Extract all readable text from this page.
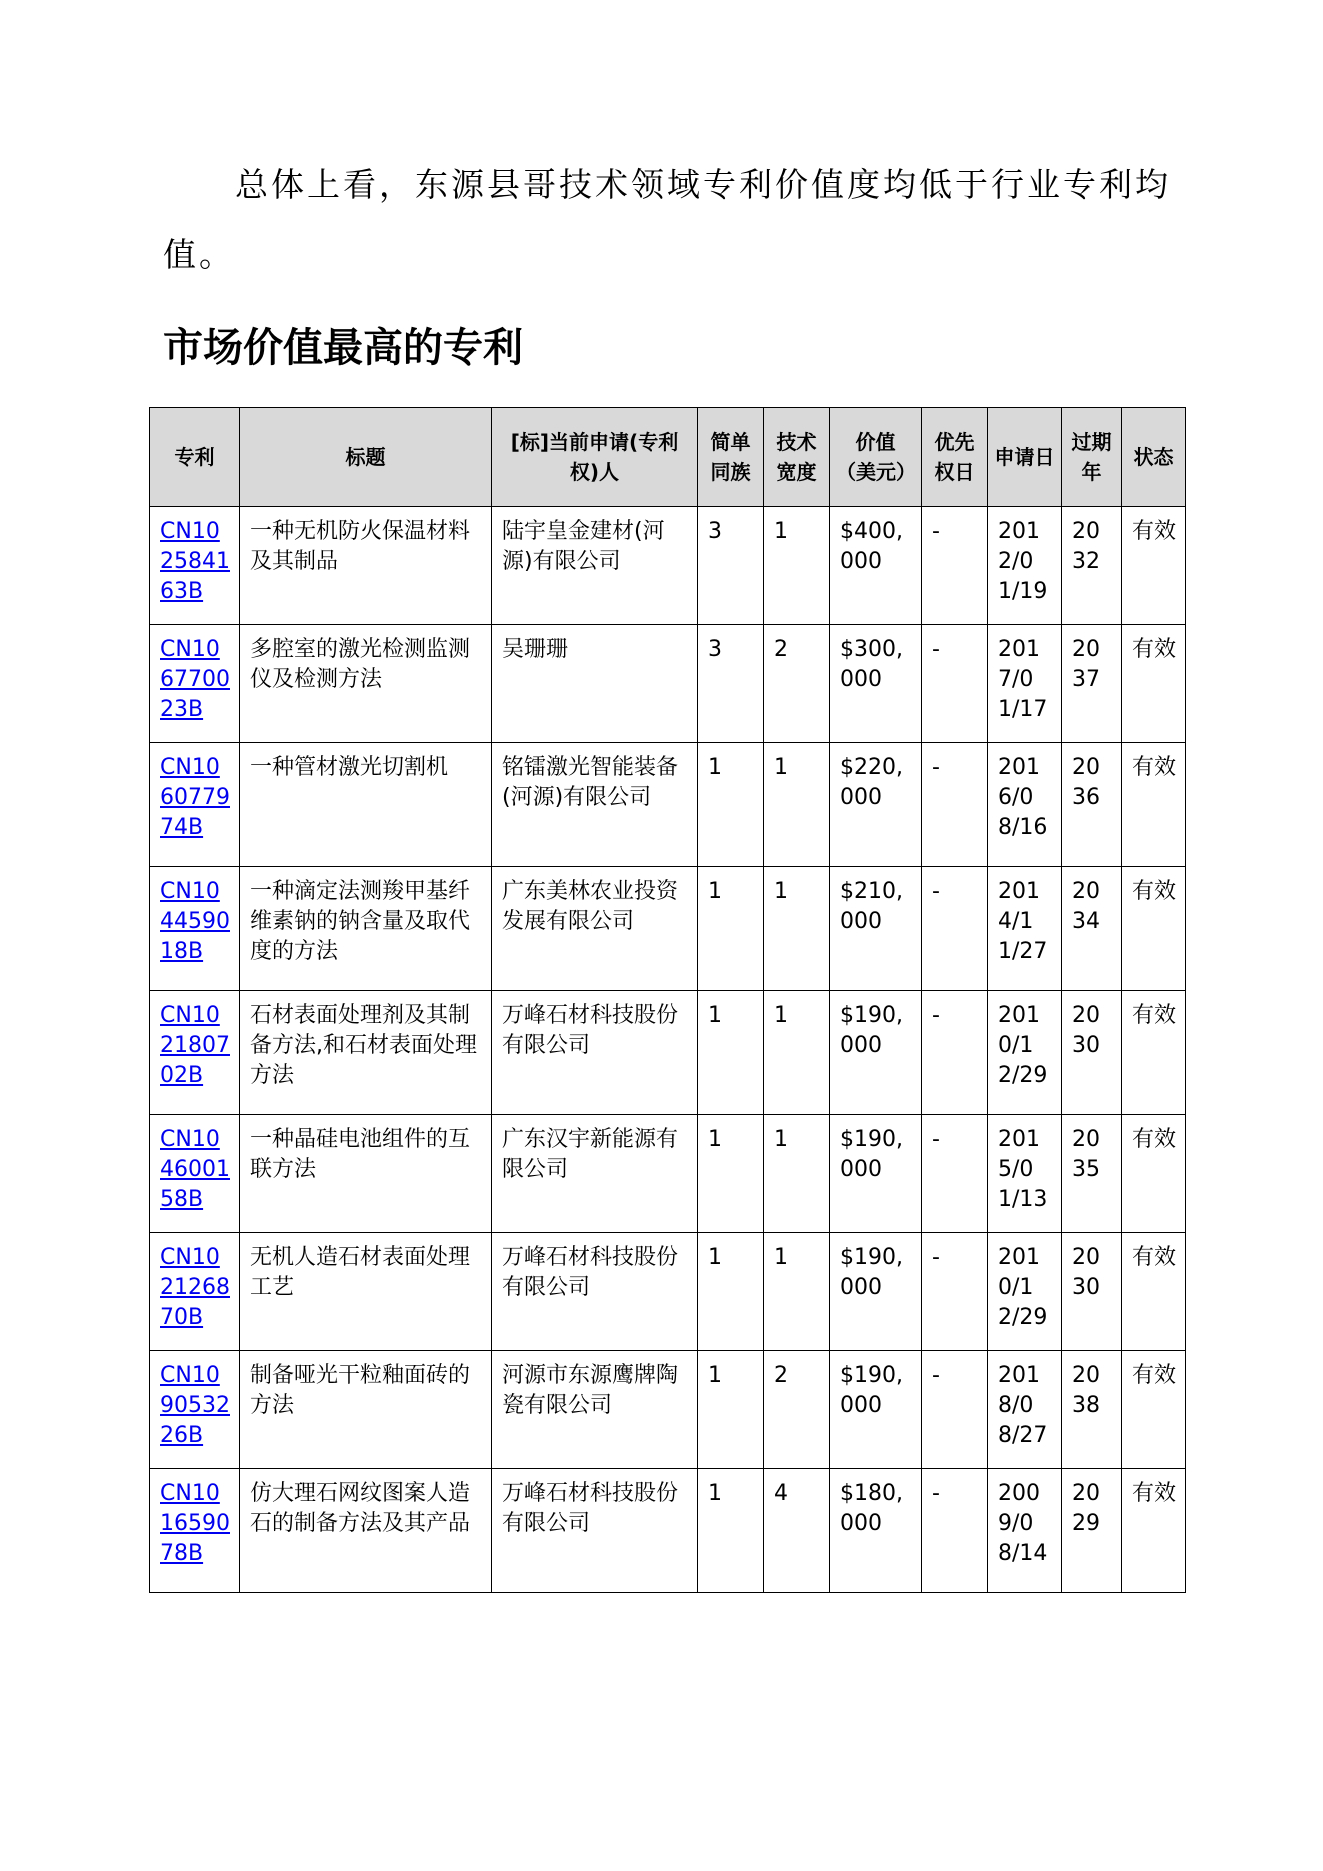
总体上看，东源县哥技术领域专利价值度均低于行业专利均值。

市场价值最高的专利
专利	标题	[标]当前申请(专利权)人	简单同族	技术宽度	价值（美元）	优先权日	申请日	过期年	状态
CN102584163B	一种无机防火保温材料及其制品	陆宇皇金建材(河源)有限公司	3	1	$400,000	-	2012/01/19	2032	有效
CN106770023B	多腔室的激光检测监测仪及检测方法	吴珊珊	3	2	$300,000	-	2017/01/17	2037	有效
CN106077974B	一种管材激光切割机	铭镭激光智能装备(河源)有限公司	1	1	$220,000	-	2016/08/16	2036	有效
CN104459018B	一种滴定法测羧甲基纤维素钠的钠含量及取代度的方法	广东美林农业投资发展有限公司	1	1	$210,000	-	2014/11/27	2034	有效
CN102180702B	石材表面处理剂及其制备方法,和石材表面处理方法	万峰石材科技股份有限公司	1	1	$190,000	-	2010/12/29	2030	有效
CN104600158B	一种晶硅电池组件的互联方法	广东汉宇新能源有限公司	1	1	$190,000	-	2015/01/13	2035	有效
CN102126870B	无机人造石材表面处理工艺	万峰石材科技股份有限公司	1	1	$190,000	-	2010/12/29	2030	有效
CN109053226B	制备哑光干粒釉面砖的方法	河源市东源鹰牌陶瓷有限公司	1	2	$190,000	-	2018/08/27	2038	有效
CN101659078B	仿大理石网纹图案人造石的制备方法及其产品	万峰石材科技股份有限公司	1	4	$180,000	-	2009/08/14	2029	有效
